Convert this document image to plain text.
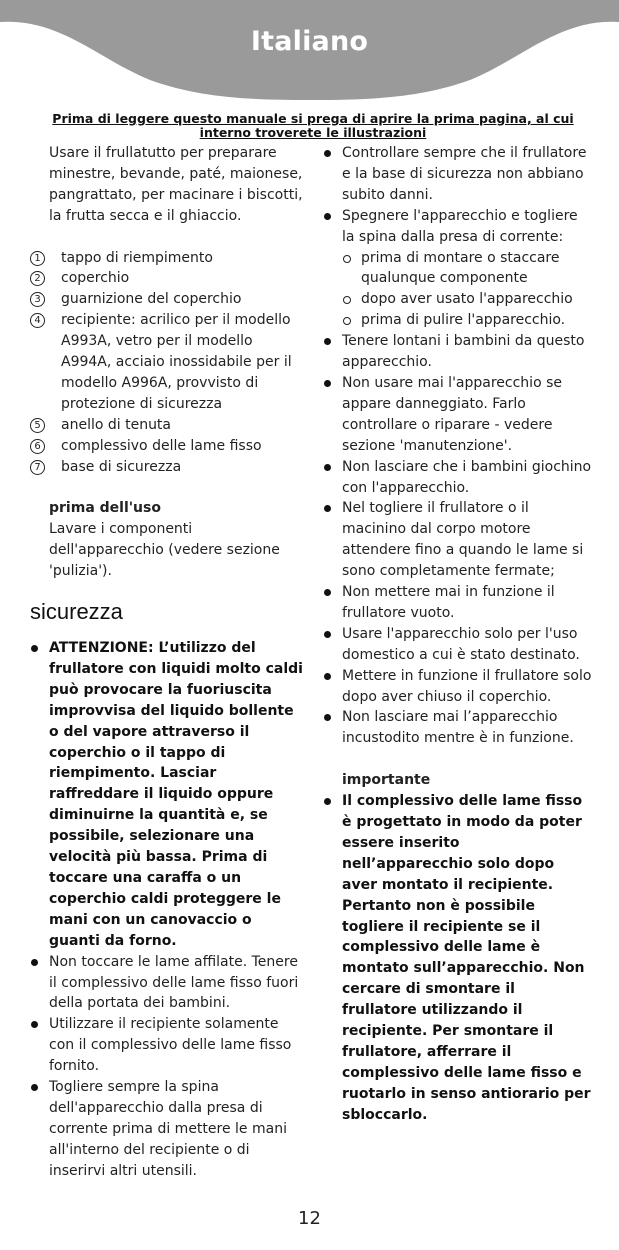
Italiano
Prima di leggere questo manuale si prega di aprire la prima pagina, al cui interno troverete le illustrazioni
Usare il frullatutto per preparare minestre, bevande, paté, maionese, pangrattato, per macinare i biscotti, la frutta secca e il ghiaccio.
1	tappo di riempimento
2	coperchio
3	guarnizione del coperchio
4	recipiente: acrilico per il modello A993A, vetro per il modello A994A, acciaio inossidabile per il modello A996A, provvisto di protezione di sicurezza
5	anello di tenuta
6	complessivo delle lame fisso
7	base di sicurezza
prima dell'uso
Lavare i componenti dell'apparecchio (vedere sezione 'pulizia').
sicurezza
ATTENZIONE: L’utilizzo del frullatore con liquidi molto caldi può provocare la fuoriuscita improvvisa del liquido bollente o del vapore attraverso il coperchio o il tappo di riempimento. Lasciar raffreddare il liquido oppure diminuirne la quantità e, se possibile, selezionare una velocità più bassa. Prima di toccare una caraffa o un coperchio caldi proteggere le mani con un canovaccio o guanti da forno.
Non toccare le lame affilate. Tenere il complessivo delle lame fisso fuori della portata dei bambini.
Utilizzare il recipiente solamente con il complessivo delle lame fisso fornito.
Togliere sempre la spina dell'apparecchio dalla presa di corrente prima di mettere le mani all'interno del recipiente o di inserirvi altri utensili.
Controllare sempre che il frullatore e la base di sicurezza non abbiano subito danni.
Spegnere l'apparecchio e togliere la spina dalla presa di corrente:
prima di montare o staccare qualunque componente
dopo aver usato l'apparecchio
prima di pulire l'apparecchio.
Tenere lontani i bambini da questo apparecchio.
Non usare mai l'apparecchio se appare danneggiato. Farlo controllare o riparare - vedere sezione 'manutenzione'.
Non lasciare che i bambini giochino con l'apparecchio.
Nel togliere il frullatore o il macinino dal corpo motore attendere fino a quando le lame si sono completamente fermate;
Non mettere mai in funzione il frullatore vuoto.
Usare l'apparecchio solo per l'uso domestico a cui è stato destinato.
Mettere in funzione il frullatore solo dopo aver chiuso il coperchio.
Non lasciare mai l’apparecchio incustodito mentre è in funzione.
importante
Il complessivo delle lame fisso è progettato in modo da poter essere inserito nell’apparecchio solo dopo aver montato il recipiente. Pertanto non è possibile togliere il recipiente se il complessivo delle lame è montato sull’apparecchio. Non cercare di smontare il frullatore utilizzando il recipiente. Per smontare il frullatore, afferrare il complessivo delle lame fisso e ruotarlo in senso antiorario per sbloccarlo.
12
